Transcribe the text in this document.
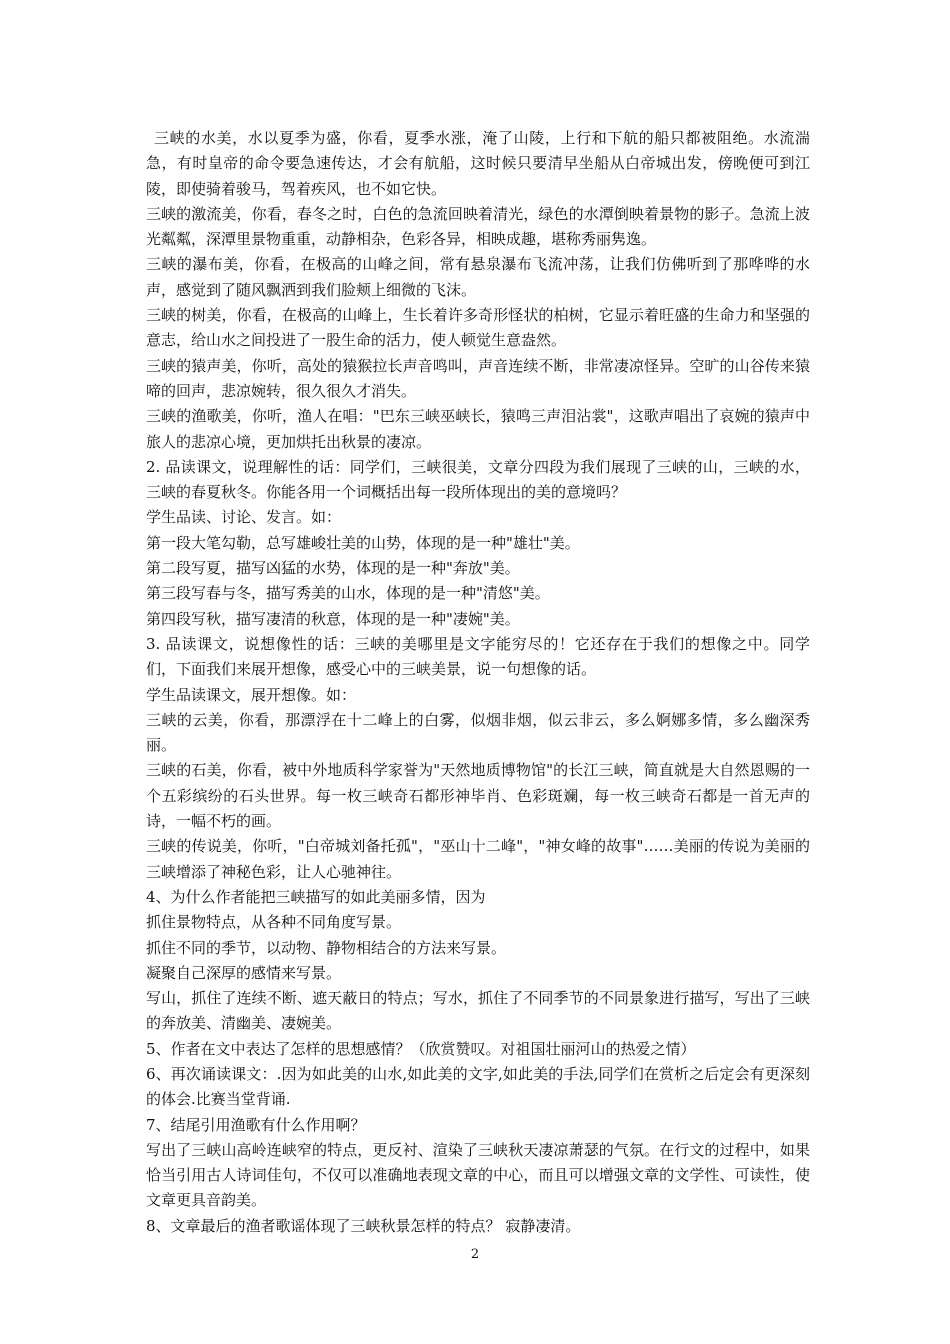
三峡的水美，水以夏季为盛，你看，夏季水涨，淹了山陵，上行和下航的船只都被阻绝。水流湍急，有时皇帝的命令要急速传达，才会有航船，这时候只要清早坐船从白帝城出发，傍晚便可到江陵，即使骑着骏马，驾着疾风，也不如它快。

三峡的激流美，你看，春冬之时，白色的急流回映着清光，绿色的水潭倒映着景物的影子。急流上波光粼粼，深潭里景物重重，动静相杂，色彩各异，相映成趣，堪称秀丽隽逸。

三峡的瀑布美，你看，在极高的山峰之间，常有悬泉瀑布飞流冲荡，让我们仿佛听到了那哗哗的水声，感觉到了随风飘洒到我们脸颊上细微的飞沫。

三峡的树美，你看，在极高的山峰上，生长着许多奇形怪状的柏树，它显示着旺盛的生命力和坚强的意志，给山水之间投进了一股生命的活力，使人顿觉生意盎然。

三峡的猿声美，你听，高处的猿猴拉长声音鸣叫，声音连续不断，非常凄凉怪异。空旷的山谷传来猿啼的回声，悲凉婉转，很久很久才消失。

三峡的渔歌美，你听，渔人在唱："巴东三峡巫峡长，猿鸣三声泪沾裳"，这歌声唱出了哀婉的猿声中旅人的悲凉心境，更加烘托出秋景的凄凉。

2. 品读课文，说理解性的话：同学们，三峡很美，文章分四段为我们展现了三峡的山，三峡的水，三峡的春夏秋冬。你能各用一个词概括出每一段所体现出的美的意境吗？

学生品读、讨论、发言。如：

第一段大笔勾勒，总写雄峻壮美的山势，体现的是一种"雄壮"美。

第二段写夏，描写凶猛的水势，体现的是一种"奔放"美。

第三段写春与冬，描写秀美的山水，体现的是一种"清悠"美。

第四段写秋，描写凄清的秋意，体现的是一种"凄婉"美。

3. 品读课文，说想像性的话：三峡的美哪里是文字能穷尽的！它还存在于我们的想像之中。同学们，下面我们来展开想像，感受心中的三峡美景，说一句想像的话。

学生品读课文，展开想像。如：

三峡的云美，你看，那漂浮在十二峰上的白雾，似烟非烟，似云非云，多么婀娜多情，多么幽深秀丽。

三峡的石美，你看，被中外地质科学家誉为"天然地质博物馆"的长江三峡，简直就是大自然恩赐的一个五彩缤纷的石头世界。每一枚三峡奇石都形神毕肖、色彩斑斓，每一枚三峡奇石都是一首无声的诗，一幅不朽的画。

三峡的传说美，你听，"白帝城刘备托孤"，"巫山十二峰"，"神女峰的故事"……美丽的传说为美丽的三峡增添了神秘色彩，让人心驰神往。

4、为什么作者能把三峡描写的如此美丽多情，因为

抓住景物特点，从各种不同角度写景。

抓住不同的季节，以动物、静物相结合的方法来写景。

凝聚自己深厚的感情来写景。

写山，抓住了连续不断、遮天蔽日的特点；写水，抓住了不同季节的不同景象进行描写，写出了三峡的奔放美、清幽美、凄婉美。

5、作者在文中表达了怎样的思想感情？（欣赏赞叹。对祖国壮丽河山的热爱之情）

6、再次诵读课文：.因为如此美的山水,如此美的文字,如此美的手法,同学们在赏析之后定会有更深刻的体会.比赛当堂背诵.

7、结尾引用渔歌有什么作用啊？

写出了三峡山高岭连峡窄的特点，更反衬、渲染了三峡秋天凄凉萧瑟的气氛。在行文的过程中，如果恰当引用古人诗词佳句，不仅可以准确地表现文章的中心，而且可以增强文章的文学性、可读性，使文章更具音韵美。

8、文章最后的渔者歌谣体现了三峡秋景怎样的特点？ 寂静凄清。

2
